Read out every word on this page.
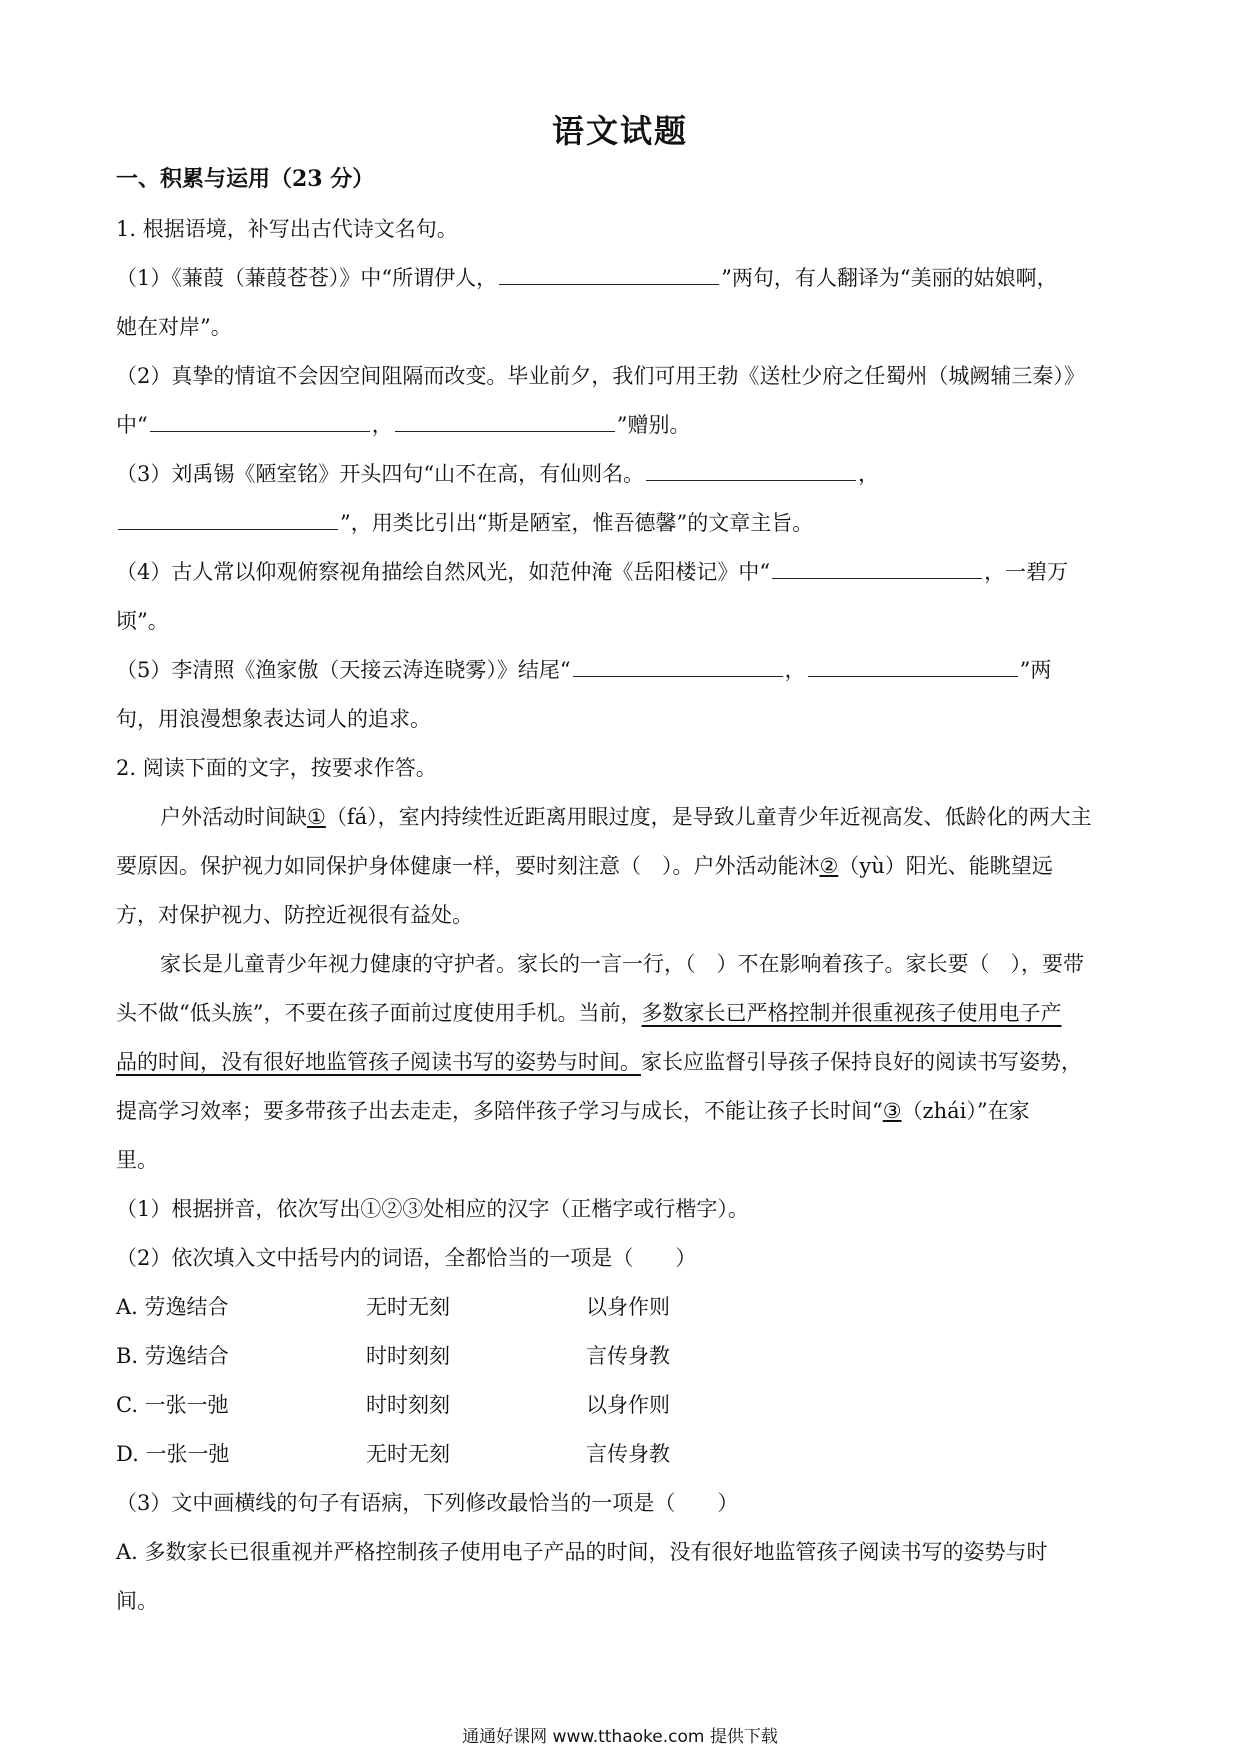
语文试题
一、积累与运用（23 分）
1. 根据语境，补写出古代诗文名句。
（1）《蒹葭（蒹葭苍苍）》中“所谓伊人，	”两句，有人翻译为“美丽的姑娘啊，
她在对岸”。
（2）真挚的情谊不会因空间阻隔而改变。毕业前夕，我们可用王勃《送杜少府之任蜀州（城阙辅三秦）》
中“	，	”赠别。
（3）刘禹锡《陋室铭》开头四句“山不在高，有仙则名。	，
”，用类比引出“斯是陋室，惟吾德馨”的文章主旨。
（4）古人常以仰观俯察视角描绘自然风光，如范仲淹《岳阳楼记》中“	，一碧万
顷”。
（5）李清照《渔家傲（天接云涛连晓雾）》结尾“	，	”两
句，用浪漫想象表达词人的追求。
2. 阅读下面的文字，按要求作答。
户外活动时间缺①（fá），室内持续性近距离用眼过度，是导致儿童青少年近视高发、低龄化的两大主
要原因。保护视力如同保护身体健康一样，要时刻注意（　）。户外活动能沐②（yù）阳光、能眺望远
方，对保护视力、防控近视很有益处。
家长是儿童青少年视力健康的守护者。家长的一言一行，（　）不在影响着孩子。家长要（　），要带
头不做“低头族”，不要在孩子面前过度使用手机。当前，多数家长已严格控制并很重视孩子使用电子产
品的时间，没有很好地监管孩子阅读书写的姿势与时间。家长应监督引导孩子保持良好的阅读书写姿势，
提高学习效率；要多带孩子出去走走，多陪伴孩子学习与成长，不能让孩子长时间“③（zhái）”在家
里。
（1）根据拼音，依次写出①②③处相应的汉字（正楷字或行楷字）。
（2）依次填入文中括号内的词语，全都恰当的一项是（　　）
A. 劳逸结合	无时无刻	以身作则
B. 劳逸结合	时时刻刻	言传身教
C. 一张一弛	时时刻刻	以身作则
D. 一张一弛	无时无刻	言传身教
（3）文中画横线的句子有语病，下列修改最恰当的一项是（　　）
A. 多数家长已很重视并严格控制孩子使用电子产品的时间，没有很好地监管孩子阅读书写的姿势与时
间。
通通好课网 www.tthaoke.com 提供下载
